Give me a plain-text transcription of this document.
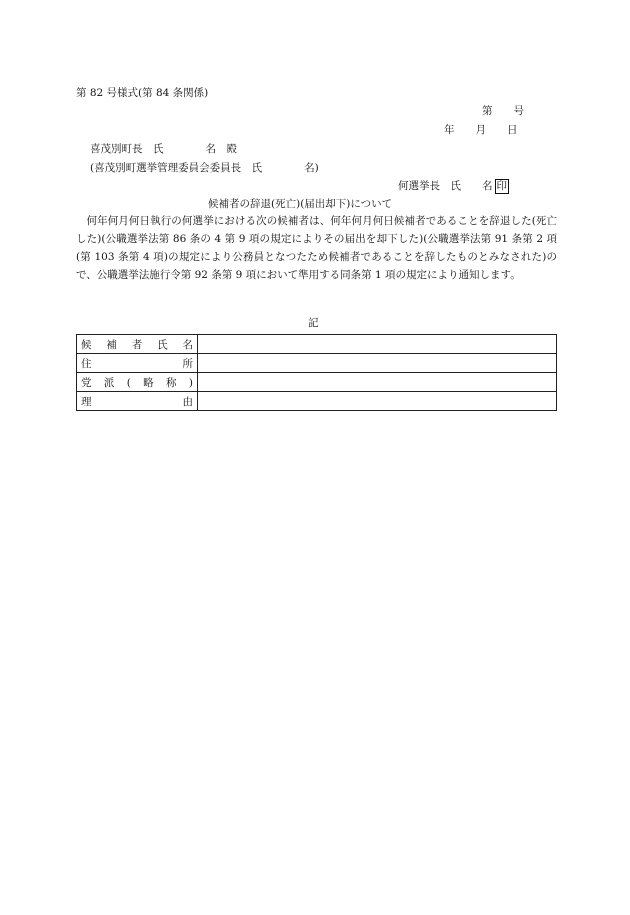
第 82 号様式(第 84 条関係)
第　　号
年　　月　　日
喜茂別町長　氏　　　　名　殿
(喜茂別町選挙管理委員会委員長　氏　　　　名)
何選挙長　氏　　名 印
候補者の辞退(死亡)(届出却下)について

何年何月何日執行の何選挙における次の候補者は、何年何月何日候補者であることを辞退した(死亡した)(公職選挙法第 86 条の 4 第 9 項の規定によりその届出を却下した)(公職選挙法第 91 条第 2 項(第 103 条第 4 項)の規定により公務員となつたため候補者であることを辞したものとみなされた)ので、公職選挙法施行令第 92 条第 9 項において準用する同条第 1 項の規定により通知します。

記
候補者氏名	
住所	
党派(略称)	
理由	
